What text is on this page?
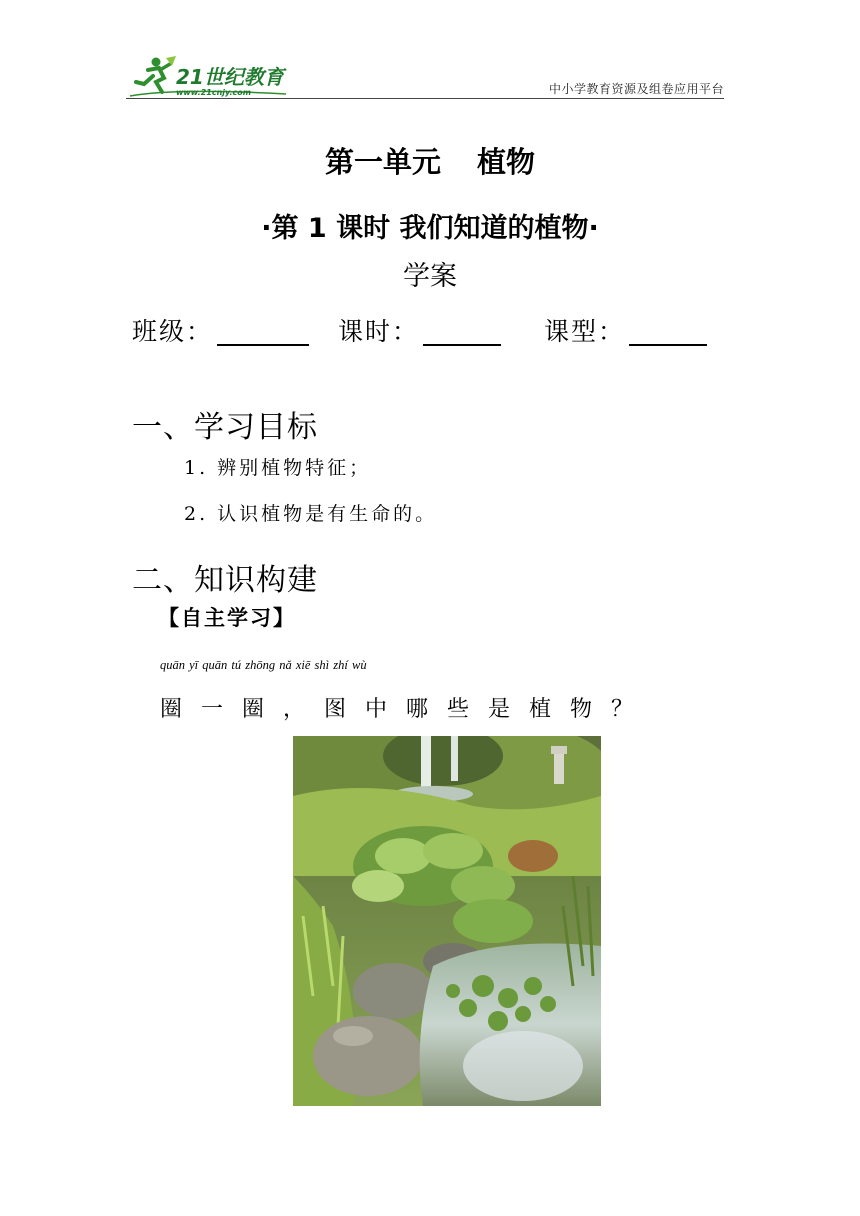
21世纪教育
www.21cnjy.com	中小学教育资源及组卷应用平台
第一单元 植物
·第 1 课时 我们知道的植物·
学案
班级：	课时：	课型：
一、学习目标
1. 辨别植物特征；
2. 认识植物是有生命的。
二、知识构建
【自主学习】
quān yī quān tú zhōng nǎ xiē shì zhí wù
圈一圈，图中哪些是植物？
